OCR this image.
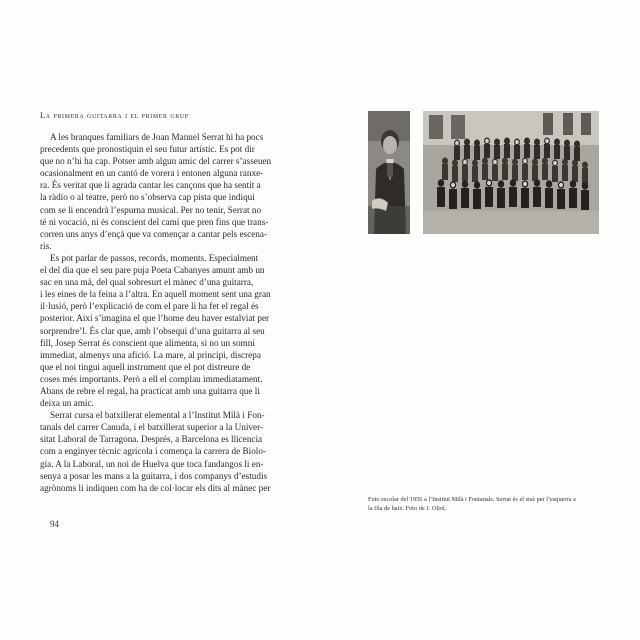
La primera guitarra i el primer grup

A les branques familiars de Joan Manuel Serrat hi ha pocs
precedents que pronostiquin el seu futur artístic. Es pot dir
que no n’hi ha cap. Potser amb algun amic del carrer s’asseuen
ocasionalment en un cantó de vorera i entonen alguna ranxe-
ra. És veritat que li agrada cantar les cançons que ha sentit a
la ràdio o al teatre, però no s’observa cap pista que indiqui
com se li encendrà l’espurna musical. Per no tenir, Serrat no
té ni vocació, ni és conscient del camí que pren fins que trans-
corren uns anys d’ençà que va començar a cantar pels escena-
ris.

Es pot parlar de passos, records, moments. Especialment
el del dia que el seu pare puja Poeta Cabanyes amunt amb un
sac en una mà, del qual sobresurt el mànec d’una guitarra,
i les eines de la feina a l’altra. En aquell moment sent una gran
il·lusió, però l’explicació de com el pare li ha fet el regal és
posterior. Així s’imagina el que l’home deu haver estalviat per
sorprendre’l. És clar que, amb l’obsequi d’una guitarra al seu
fill, Josep Serrat és conscient que alimenta, si no un somni
immediat, almenys una afició. La mare, al principi, discrepa
que el noi tingui aquell instrument que el pot distreure de
coses més importants. Però a ell el complau immediatament.
Abans de rebre el regal, ha practicat amb una guitarra que li
deixa un amic.

Serrat cursa el batxillerat elemental a l’Institut Milà i Fon-
tanals del carrer Canuda, i el batxillerat superior a la Univer-
sitat Laboral de Tarragona. Després, a Barcelona es llicencia
com a enginyer tècnic agrícola i comença la carrera de Biolo-
gia. A la Laboral, un noi de Huelva que toca fandangos li en-
senya a posar les mans a la guitarra, i dos companys d’estudis
agrònoms li indiquen com ha de col·locar els dits al mànec per

94
Foto escolar del 1956 a l’Institut Milà i Fontanals. Serrat és el sisè per l’esquerra a
la fila de baix. Foto de J. Oliol.
